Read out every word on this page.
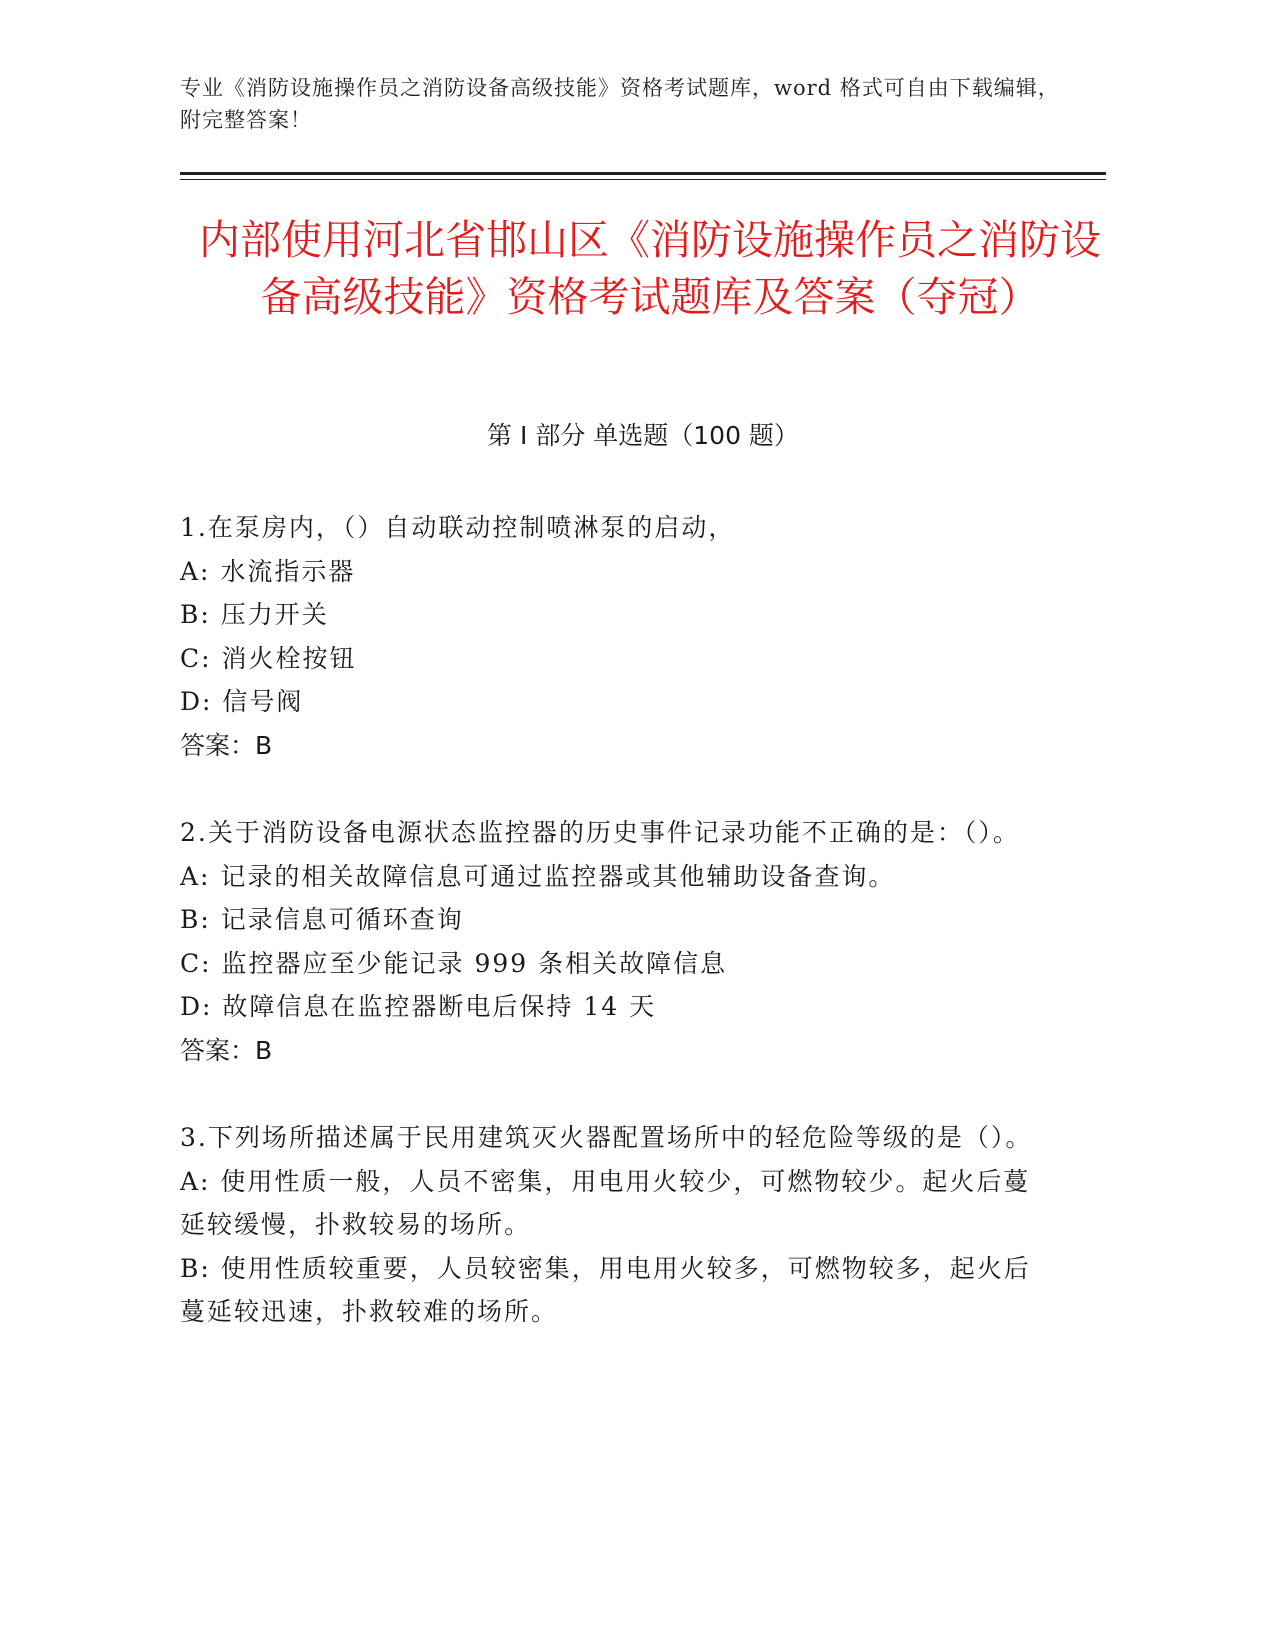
专业《消防设施操作员之消防设备高级技能》资格考试题库，word 格式可自由下载编辑，附完整答案！
内部使用河北省邯山区《消防设施操作员之消防设备高级技能》资格考试题库及答案（夺冠）
第 I 部分 单选题（100 题）

1.在泵房内，（）自动联动控制喷淋泵的启动，

A: 水流指示器

B: 压力开关

C: 消火栓按钮

D: 信号阀

答案：B

2.关于消防设备电源状态监控器的历史事件记录功能不正确的是：（）。

A: 记录的相关故障信息可通过监控器或其他辅助设备查询。

B: 记录信息可循环查询

C: 监控器应至少能记录 999 条相关故障信息

D: 故障信息在监控器断电后保持 14 天

答案：B

3.下列场所描述属于民用建筑灭火器配置场所中的轻危险等级的是（）。

A: 使用性质一般，人员不密集，用电用火较少，可燃物较少。起火后蔓延较缓慢，扑救较易的场所。

B: 使用性质较重要，人员较密集，用电用火较多，可燃物较多，起火后蔓延较迅速，扑救较难的场所。
